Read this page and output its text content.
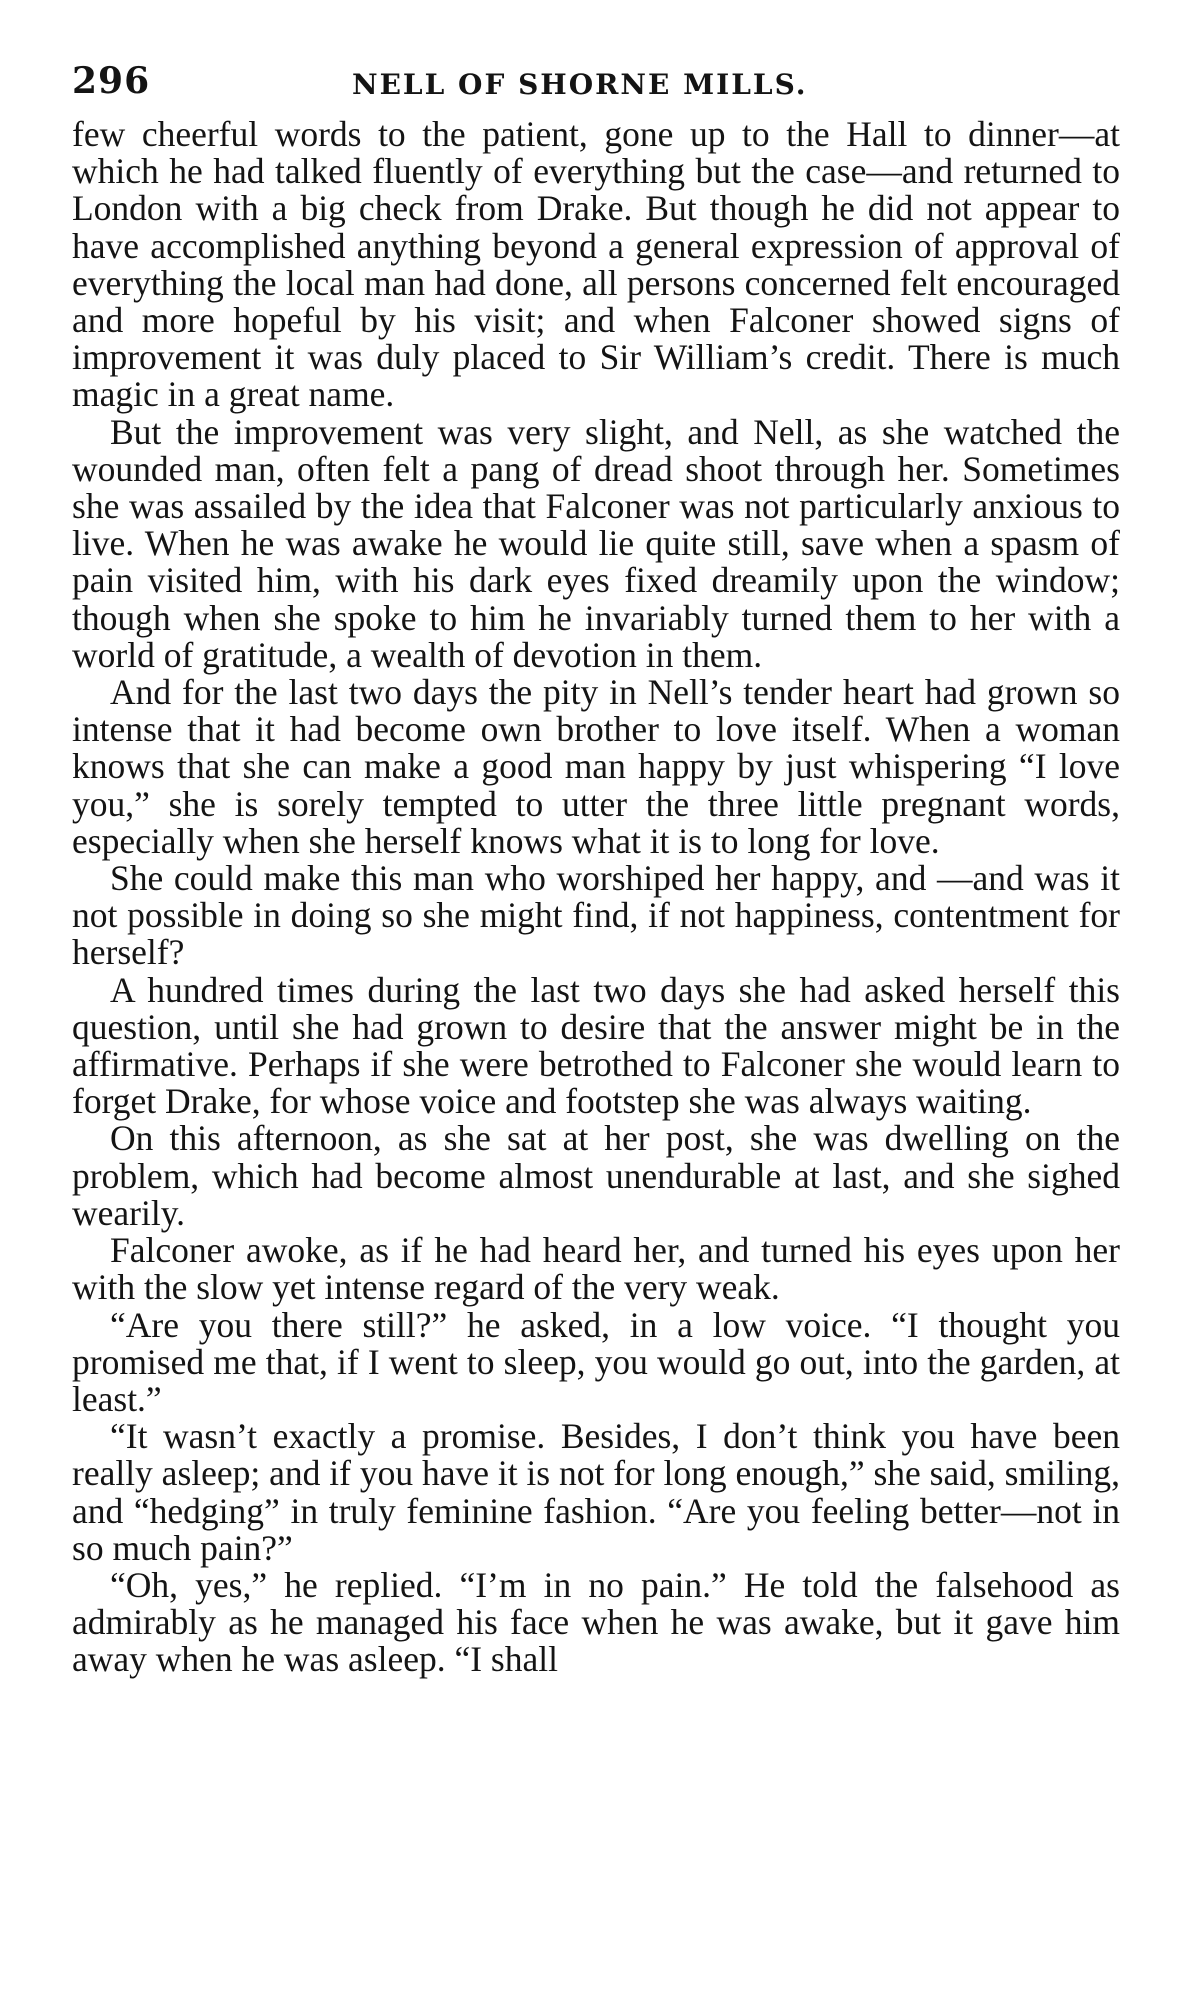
296	NELL OF SHORNE MILLS.

few cheerful words to the patient, gone up to the Hall to dinner—at which he had talked fluently of everything but the case—and returned to London with a big check from Drake. But though he did not appear to have accomplished anything beyond a general expression of approval of everything the local man had done, all persons concerned felt encouraged and more hopeful by his visit; and when Falconer showed signs of improvement it was duly placed to Sir William’s credit. There is much magic in a great name.

But the improvement was very slight, and Nell, as she watched the wounded man, often felt a pang of dread shoot through her. Sometimes she was assailed by the idea that Falconer was not particularly anxious to live. When he was awake he would lie quite still, save when a spasm of pain visited him, with his dark eyes fixed dreamily upon the window; though when she spoke to him he invariably turned them to her with a world of gratitude, a wealth of devotion in them.

And for the last two days the pity in Nell’s tender heart had grown so intense that it had become own brother to love itself. When a woman knows that she can make a good man happy by just whispering “I love you,” she is sorely tempted to utter the three little pregnant words, especially when she herself knows what it is to long for love.

She could make this man who worshiped her happy, and —and was it not possible in doing so she might find, if not happiness, contentment for herself?

A hundred times during the last two days she had asked herself this question, until she had grown to desire that the answer might be in the affirmative. Perhaps if she were betrothed to Falconer she would learn to forget Drake, for whose voice and footstep she was always waiting.

On this afternoon, as she sat at her post, she was dwelling on the problem, which had become almost unendurable at last, and she sighed wearily.

Falconer awoke, as if he had heard her, and turned his eyes upon her with the slow yet intense regard of the very weak.

“Are you there still?” he asked, in a low voice. “I thought you promised me that, if I went to sleep, you would go out, into the garden, at least.”

“It wasn’t exactly a promise. Besides, I don’t think you have been really asleep; and if you have it is not for long enough,” she said, smiling, and “hedging” in truly feminine fashion. “Are you feeling better—not in so much pain?”

“Oh, yes,” he replied. “I’m in no pain.” He told the falsehood as admirably as he managed his face when he was awake, but it gave him away when he was asleep. “I shall
